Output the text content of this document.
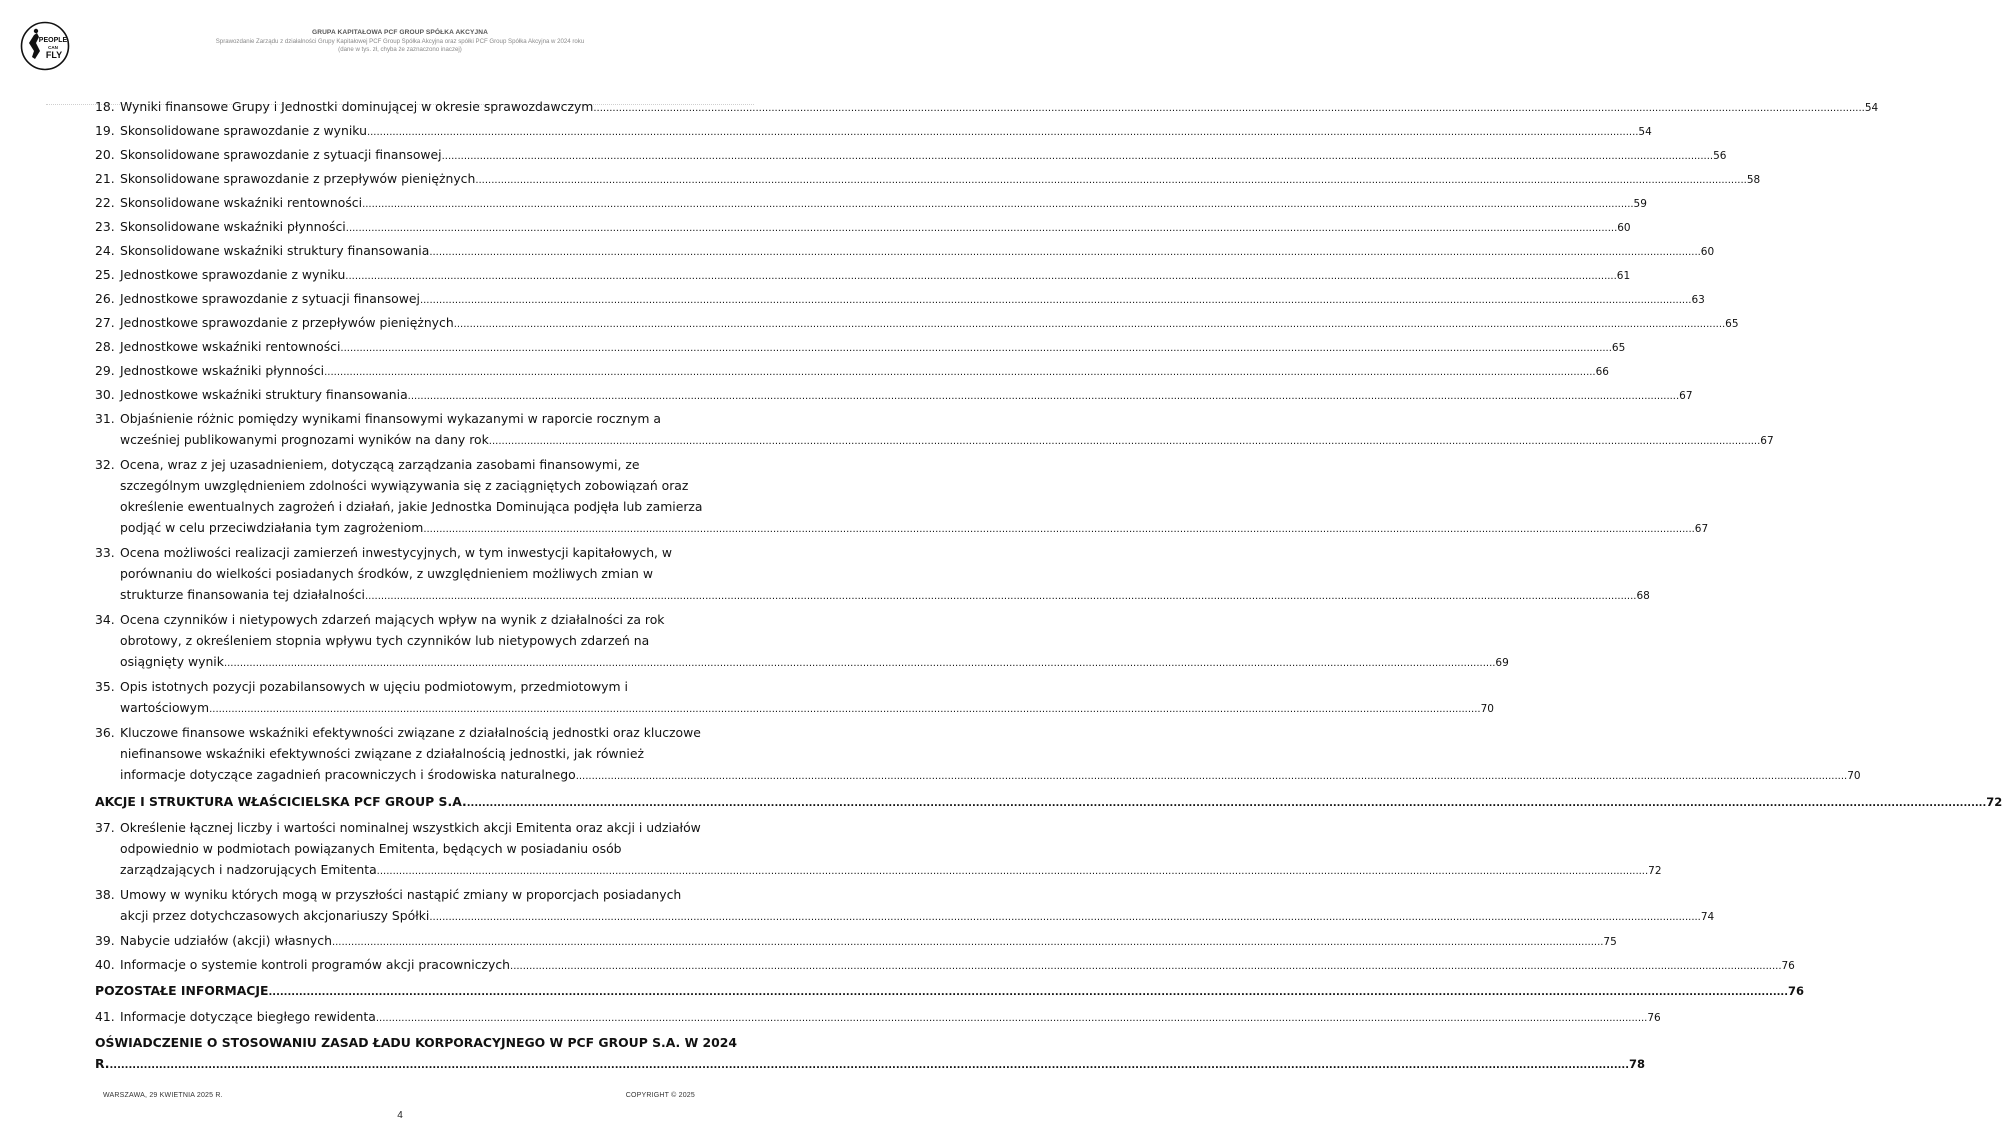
PEOPLE
CAN
FLY
GRUPA KAPITAŁOWA PCF GROUP SPÓŁKA AKCYJNA
Sprawozdanie Zarządu z działalności Grupy Kapitałowej PCF Group Spółka Akcyjna oraz spółki PCF Group Spółka Akcyjna w 2024 roku
(dane w tys. zł, chyba że zaznaczono inaczej)
18. Wyniki finansowe Grupy i Jednostki dominującej w okresie sprawozdawczym ................................................................................................................................................................................................................................................................................................................................................................................................................ 54
19. Skonsolidowane sprawozdanie z wyniku ................................................................................................................................................................................................................................................................................................................................................................................................................ 54
20. Skonsolidowane sprawozdanie z sytuacji finansowej ................................................................................................................................................................................................................................................................................................................................................................................................................ 56
21. Skonsolidowane sprawozdanie z przepływów pieniężnych ................................................................................................................................................................................................................................................................................................................................................................................................................ 58
22. Skonsolidowane wskaźniki rentowności ................................................................................................................................................................................................................................................................................................................................................................................................................ 59
23. Skonsolidowane wskaźniki płynności ................................................................................................................................................................................................................................................................................................................................................................................................................ 60
24. Skonsolidowane wskaźniki struktury finansowania ................................................................................................................................................................................................................................................................................................................................................................................................................ 60
25. Jednostkowe sprawozdanie z wyniku ................................................................................................................................................................................................................................................................................................................................................................................................................ 61
26. Jednostkowe sprawozdanie z sytuacji finansowej ................................................................................................................................................................................................................................................................................................................................................................................................................ 63
27. Jednostkowe sprawozdanie z przepływów pieniężnych ................................................................................................................................................................................................................................................................................................................................................................................................................ 65
28. Jednostkowe wskaźniki rentowności ................................................................................................................................................................................................................................................................................................................................................................................................................ 65
29. Jednostkowe wskaźniki płynności ................................................................................................................................................................................................................................................................................................................................................................................................................ 66
30. Jednostkowe wskaźniki struktury finansowania ................................................................................................................................................................................................................................................................................................................................................................................................................ 67
31. Objaśnienie różnic pomiędzy wynikami finansowymi wykazanymi w raporcie rocznym a
wcześniej publikowanymi prognozami wyników na dany rok ................................................................................................................................................................................................................................................................................................................................................................................................................ 67
32. Ocena, wraz z jej uzasadnieniem, dotyczącą zarządzania zasobami finansowymi, ze
szczególnym uwzględnieniem zdolności wywiązywania się z zaciągniętych zobowiązań oraz
określenie ewentualnych zagrożeń i działań, jakie Jednostka Dominująca podjęła lub zamierza
podjąć w celu przeciwdziałania tym zagrożeniom ................................................................................................................................................................................................................................................................................................................................................................................................................ 67
33. Ocena możliwości realizacji zamierzeń inwestycyjnych, w tym inwestycji kapitałowych, w
porównaniu do wielkości posiadanych środków, z uwzględnieniem możliwych zmian w
strukturze finansowania tej działalności ................................................................................................................................................................................................................................................................................................................................................................................................................ 68
34. Ocena czynników i nietypowych zdarzeń mających wpływ na wynik z działalności za rok
obrotowy, z określeniem stopnia wpływu tych czynników lub nietypowych zdarzeń na
osiągnięty wynik ................................................................................................................................................................................................................................................................................................................................................................................................................ 69
35. Opis istotnych pozycji pozabilansowych w ujęciu podmiotowym, przedmiotowym i
wartościowym ................................................................................................................................................................................................................................................................................................................................................................................................................ 70
36. Kluczowe finansowe wskaźniki efektywności związane z działalnością jednostki oraz kluczowe
niefinansowe wskaźniki efektywności związane z działalnością jednostki, jak również
informacje dotyczące zagadnień pracowniczych i środowiska naturalnego ................................................................................................................................................................................................................................................................................................................................................................................................................ 70
AKCJE I STRUKTURA WŁAŚCICIELSKA PCF GROUP S.A. ................................................................................................................................................................................................................................................................................................................................................................................................................ 72
37. Określenie łącznej liczby i wartości nominalnej wszystkich akcji Emitenta oraz akcji i udziałów
odpowiednio w podmiotach powiązanych Emitenta, będących w posiadaniu osób
zarządzających i nadzorujących Emitenta ................................................................................................................................................................................................................................................................................................................................................................................................................ 72
38. Umowy w wyniku których mogą w przyszłości nastąpić zmiany w proporcjach posiadanych
akcji przez dotychczasowych akcjonariuszy Spółki ................................................................................................................................................................................................................................................................................................................................................................................................................ 74
39. Nabycie udziałów (akcji) własnych ................................................................................................................................................................................................................................................................................................................................................................................................................ 75
40. Informacje o systemie kontroli programów akcji pracowniczych ................................................................................................................................................................................................................................................................................................................................................................................................................ 76
POZOSTAŁE INFORMACJE ................................................................................................................................................................................................................................................................................................................................................................................................................ 76
41. Informacje dotyczące biegłego rewidenta ................................................................................................................................................................................................................................................................................................................................................................................................................ 76
OŚWIADCZENIE O STOSOWANIU ZASAD ŁADU KORPORACYJNEGO W PCF GROUP S.A. W 2024
R. ................................................................................................................................................................................................................................................................................................................................................................................................................ 78
WARSZAWA, 29 KWIETNIA 2025 R.	COPYRIGHT © 2025
4
